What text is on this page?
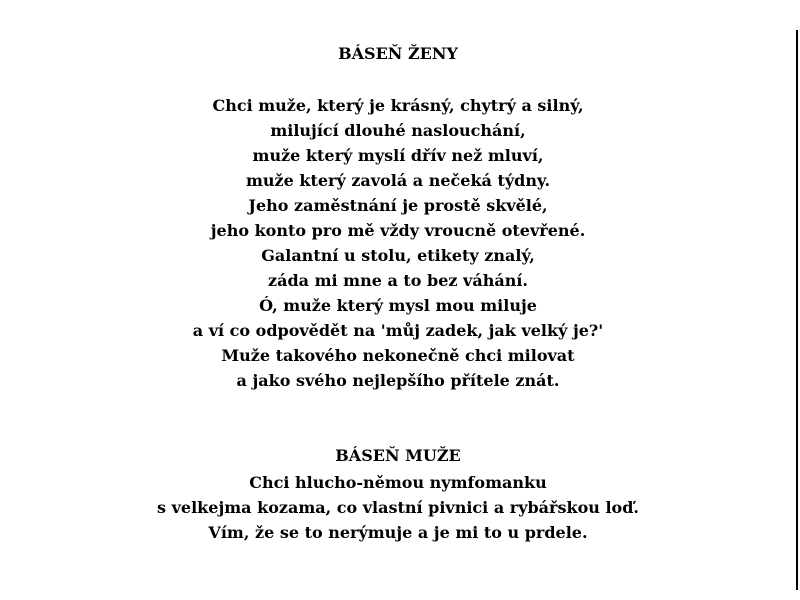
BÁSEŇ ŽENY
Chci muže, který je krásný, chytrý a silný,
milující dlouhé naslouchání,
muže který myslí dřív než mluví,
muže který zavolá a nečeká týdny.
Jeho zaměstnání je prostě skvělé,
jeho konto pro mě vždy vroucně otevřené.
Galantní u stolu, etikety znalý,
záda mi mne a to bez váhání.
Ó, muže který mysl mou miluje
a ví co odpovědět na 'můj zadek, jak velký je?'
Muže takového nekonečně chci milovat
a jako svého nejlepšího přítele znát.
BÁSEŇ MUŽE
Chci hlucho-němou nymfomanku
s velkejma kozama, co vlastní pivnici a rybářskou loď.
Vím, že se to nerýmuje a je mi to u prdele.
